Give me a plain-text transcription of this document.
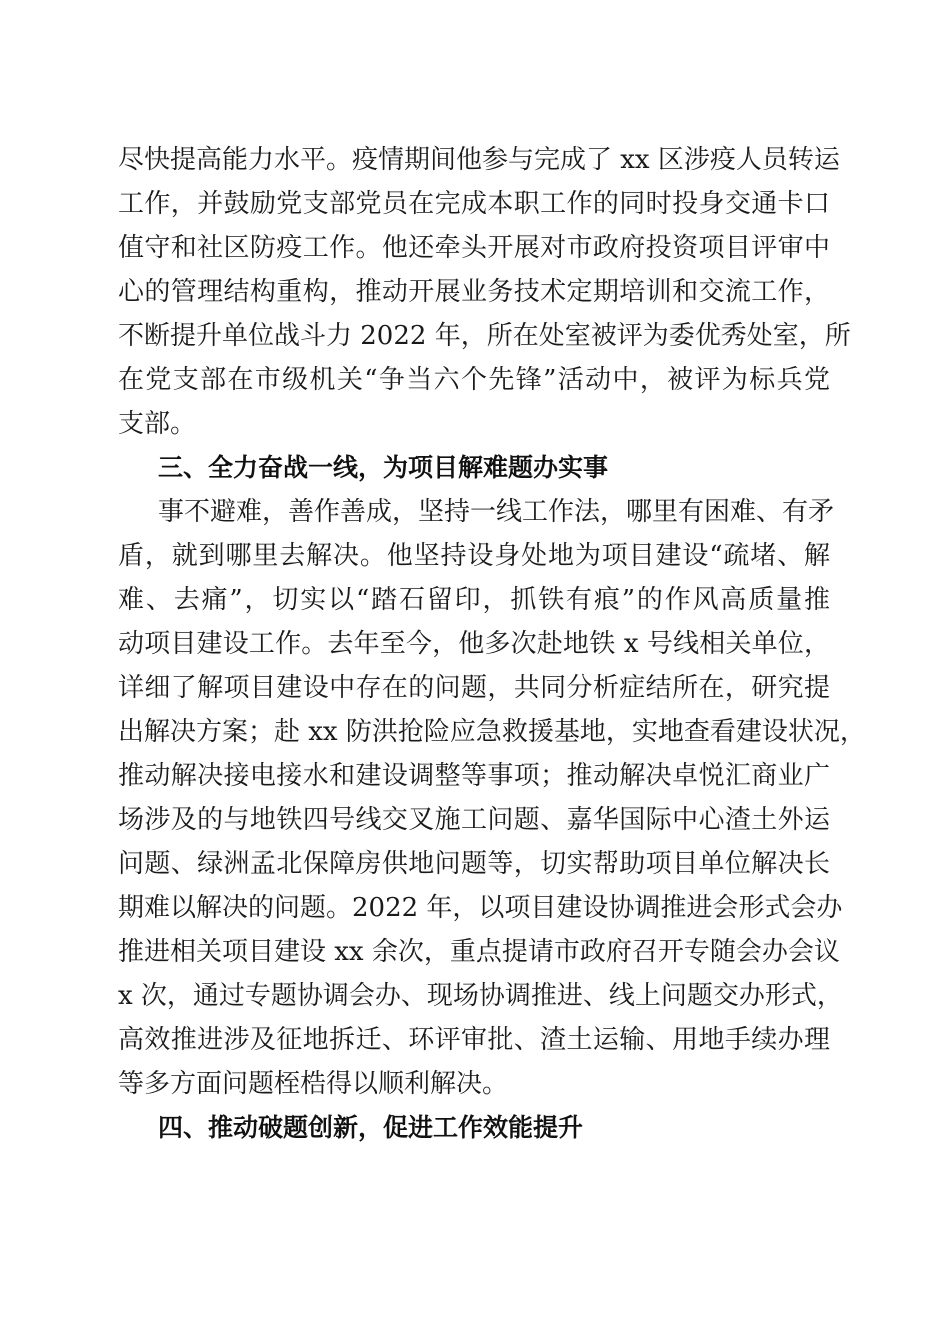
尽快提高能力水平。疫情期间他参与完成了 xx 区涉疫人员转运
工作，并鼓励党支部党员在完成本职工作的同时投身交通卡口
值守和社区防疫工作。他还牵头开展对市政府投资项目评审中
心的管理结构重构，推动开展业务技术定期培训和交流工作，
不断提升单位战斗力 2022 年，所在处室被评为委优秀处室，所
在党支部在市级机关“争当六个先锋”活动中，被评为标兵党
支部。
三、全力奋战一线，为项目解难题办实事
事不避难，善作善成，坚持一线工作法，哪里有困难、有矛
盾，就到哪里去解决。他坚持设身处地为项目建设“疏堵、解
难、去痛”，切实以“踏石留印，抓铁有痕”的作风高质量推
动项目建设工作。去年至今，他多次赴地铁 x 号线相关单位，
详细了解项目建设中存在的问题，共同分析症结所在，研究提
出解决方案；赴 xx 防洪抢险应急救援基地，实地查看建设状况，
推动解决接电接水和建设调整等事项；推动解决卓悦汇商业广
场涉及的与地铁四号线交叉施工问题、嘉华国际中心渣土外运
问题、绿洲孟北保障房供地问题等，切实帮助项目单位解决长
期难以解决的问题。2022 年，以项目建设协调推进会形式会办
推进相关项目建设 xx 余次，重点提请市政府召开专随会办会议
x 次，通过专题协调会办、现场协调推进、线上问题交办形式，
高效推进涉及征地拆迁、环评审批、渣土运输、用地手续办理
等多方面问题桎梏得以顺利解决。
四、推动破题创新，促进工作效能提升
